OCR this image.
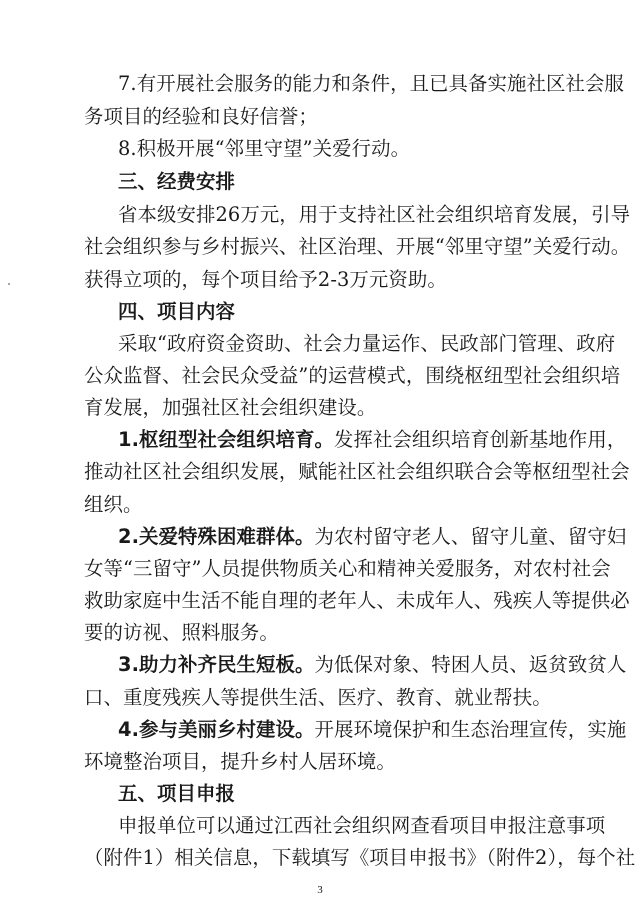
7.有开展社会服务的能力和条件，且已具备实施社区社会服
务项目的经验和良好信誉；
8.积极开展“邻里守望”关爱行动。
三、经费安排
省本级安排26万元，用于支持社区社会组织培育发展，引导
社会组织参与乡村振兴、社区治理、开展“邻里守望”关爱行动。
获得立项的，每个项目给予2-3万元资助。
四、项目内容
采取“政府资金资助、社会力量运作、民政部门管理、政府
公众监督、社会民众受益”的运营模式，围绕枢纽型社会组织培
育发展，加强社区社会组织建设。
1.枢纽型社会组织培育。发挥社会组织培育创新基地作用，
推动社区社会组织发展，赋能社区社会组织联合会等枢纽型社会
组织。
2.关爱特殊困难群体。为农村留守老人、留守儿童、留守妇
女等“三留守”人员提供物质关心和精神关爱服务，对农村社会
救助家庭中生活不能自理的老年人、未成年人、残疾人等提供必
要的访视、照料服务。
3.助力补齐民生短板。为低保对象、特困人员、返贫致贫人
口、重度残疾人等提供生活、医疗、教育、就业帮扶。
4.参与美丽乡村建设。开展环境保护和生态治理宣传，实施
环境整治项目，提升乡村人居环境。
五、项目申报
申报单位可以通过江西社会组织网查看项目申报注意事项
（附件1）相关信息，下载填写《项目申报书》（附件2），每个社
3
